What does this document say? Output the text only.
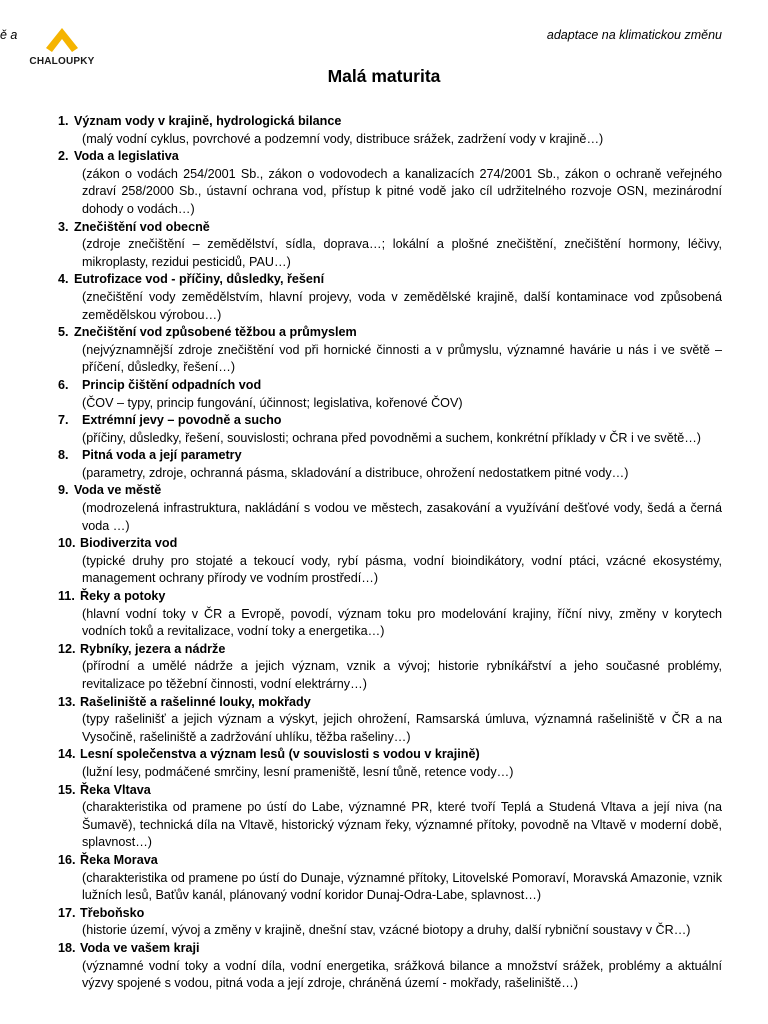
ě a
CHALOUPKY
adaptace na klimatickou změnu
Malá maturita
1. Význam vody v krajině, hydrologická bilance
(malý vodní cyklus, povrchové a podzemní vody, distribuce srážek, zadržení vody v krajině…)
2. Voda a legislativa
(zákon o vodách 254/2001 Sb., zákon o vodovodech a kanalizacích 274/2001 Sb., zákon o ochraně veřejného zdraví 258/2000 Sb., ústavní ochrana vod, přístup k pitné vodě jako cíl udržitelného rozvoje OSN, mezinárodní dohody o vodách…)
3. Znečištění vod obecně
(zdroje znečištění – zemědělství, sídla, doprava…; lokální a plošné znečištění, znečištění hormony, léčivy, mikroplasty, rezidui pesticidů, PAU…)
4. Eutrofizace vod - příčiny, důsledky, řešení
(znečištění vody zemědělstvím, hlavní projevy, voda v zemědělské krajině, další kontaminace vod způsobená zemědělskou výrobou…)
5. Znečištění vod způsobené těžbou a průmyslem
(nejvýznamnější zdroje znečištění vod při hornické činnosti a v průmyslu, významné havárie u nás i ve světě – příčení, důsledky, řešení…)
6.	Princip čištění odpadních vod
(ČOV – typy, princip fungování, účinnost; legislativa, kořenové ČOV)
7.	Extrémní jevy – povodně a sucho
(příčiny, důsledky, řešení, souvislosti; ochrana před povodněmi a suchem, konkrétní příklady v ČR i ve světě…)
8.	Pitná voda a její parametry
(parametry, zdroje, ochranná pásma, skladování a distribuce, ohrožení nedostatkem pitné vody…)
9. Voda ve městě
(modrozelená infrastruktura, nakládání s vodou ve městech, zasakování a využívání dešťové vody, šedá a černá voda …)
10. Biodiverzita vod
(typické druhy pro stojaté a tekoucí vody, rybí pásma, vodní bioindikátory, vodní ptáci, vzácné ekosystémy, management ochrany přírody ve vodním prostředí…)
11. Řeky a potoky
(hlavní vodní toky v ČR a Evropě, povodí, význam toku pro modelování krajiny, říční nivy, změny v korytech vodních toků a revitalizace, vodní toky a energetika…)
12. Rybníky, jezera a nádrže
(přírodní a umělé nádrže a jejich význam, vznik a vývoj; historie rybníkářství a jeho současné problémy, revitalizace po těžební činnosti, vodní elektrárny…)
13. Rašeliniště a rašelinné louky, mokřady
(typy rašelinišť a jejich význam a výskyt, jejich ohrožení, Ramsarská úmluva, významná rašeliniště v ČR a na Vysočině, rašeliniště a zadržování uhlíku, těžba rašeliny…)
14. Lesní společenstva a význam lesů (v souvislosti s vodou v krajině)
(lužní lesy, podmáčené smrčiny, lesní prameniště, lesní tůně, retence vody…)
15. Řeka Vltava
(charakteristika od pramene po ústí do Labe, významné PR, které tvoří Teplá a Studená Vltava a její niva (na Šumavě), technická díla na Vltavě, historický význam řeky, významné přítoky, povodně na Vltavě v moderní době, splavnost…)
16. Řeka Morava
(charakteristika od pramene po ústí do Dunaje, významné přítoky, Litovelské Pomoraví, Moravská Amazonie, vznik lužních lesů, Baťův kanál, plánovaný vodní koridor Dunaj-Odra-Labe, splavnost…)
17. Třeboňsko
(historie území, vývoj a změny v krajině, dnešní stav, vzácné biotopy a druhy, další rybniční soustavy v ČR…)
18. Voda ve vašem kraji
(významné vodní toky a vodní díla, vodní energetika, srážková bilance a množství srážek, problémy a aktuální výzvy spojené s vodou, pitná voda a její zdroje, chráněná území - mokřady, rašeliniště…)
